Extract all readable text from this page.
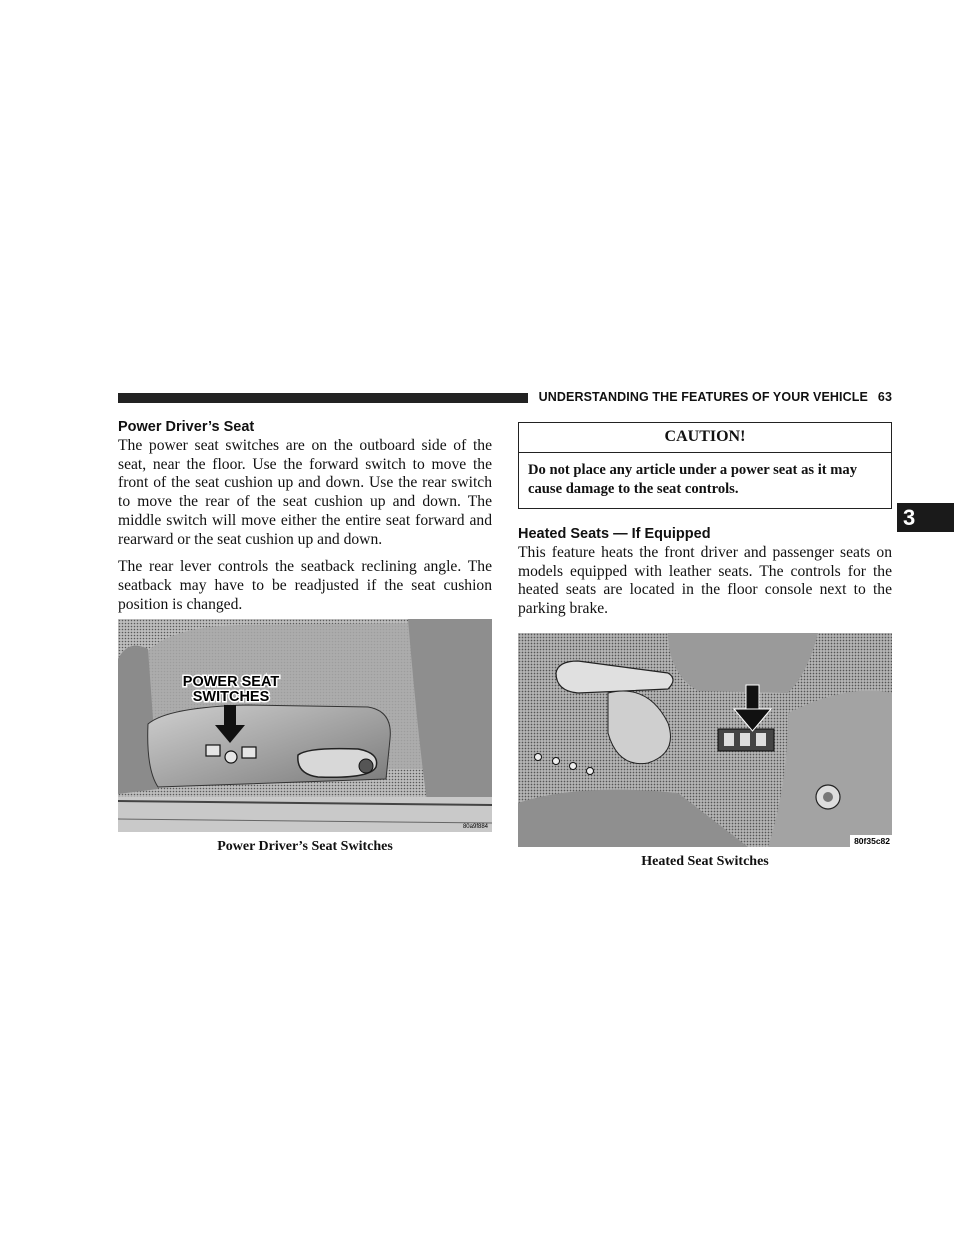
UNDERSTANDING THE FEATURES OF YOUR VEHICLE 63
3
Power Driver’s Seat

The power seat switches are on the outboard side of the seat, near the floor. Use the forward switch to move the front of the seat cushion up and down. Use the rear switch to move the rear of the seat cushion up and down. The middle switch will move either the entire seat forward and rearward or the seat cushion up and down.

The rear lever controls the seatback reclining angle. The seatback may have to be readjusted if the seat cushion position is changed.

POWER SEAT
SWITCHES
80a9f884
Power Driver’s Seat Switches
CAUTION!
Do not place any article under a power seat as it may cause damage to the seat controls.
Heated Seats — If Equipped

This feature heats the front driver and passenger seats on models equipped with leather seats. The controls for the heated seats are located in the floor console next to the parking brake.

80f35c82
Heated Seat Switches
